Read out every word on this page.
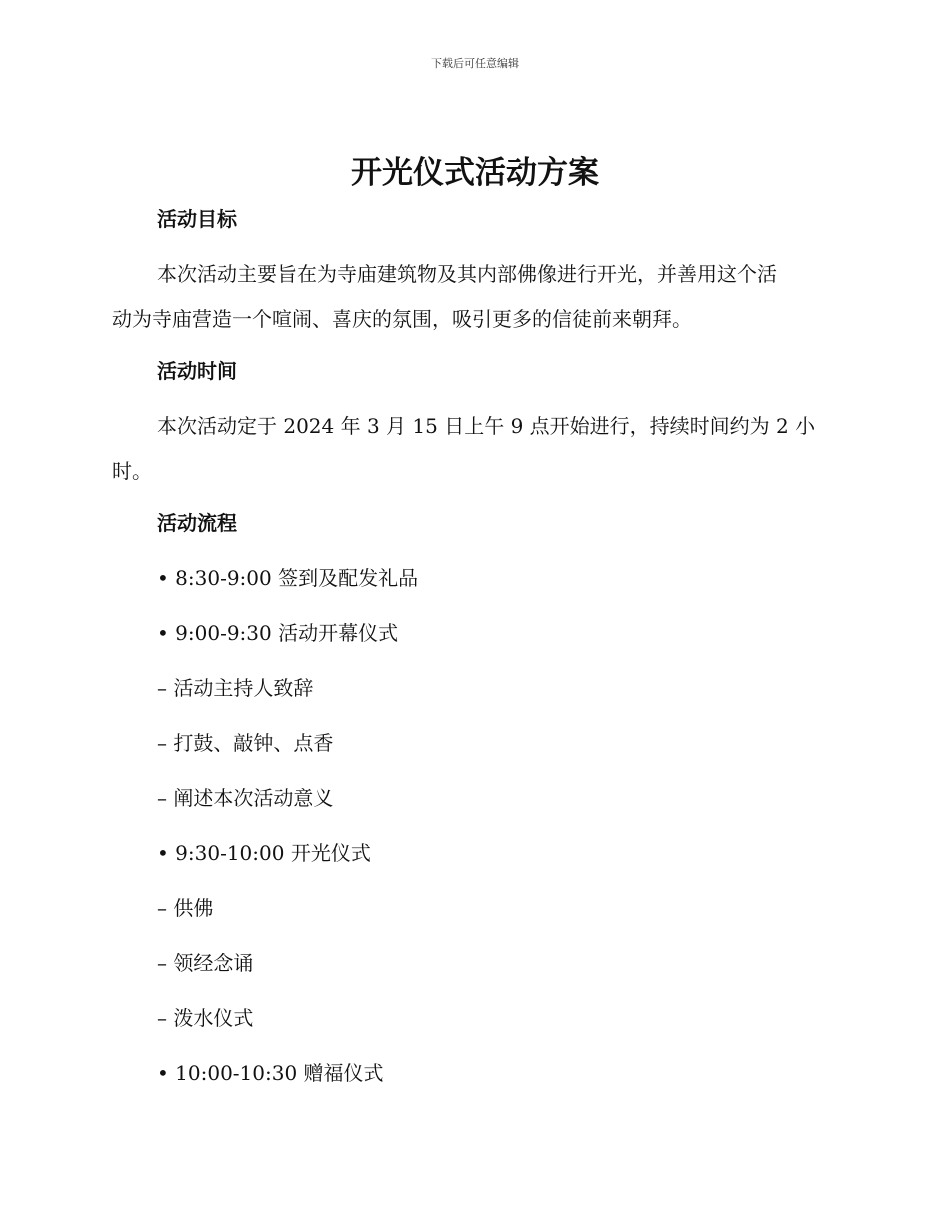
下载后可任意编辑
开光仪式活动方案
活动目标
本次活动主要旨在为寺庙建筑物及其内部佛像进行开光，并善用这个活
动为寺庙营造一个喧闹、喜庆的氛围，吸引更多的信徒前来朝拜。
活动时间
本次活动定于 2024 年 3 月 15 日上午 9 点开始进行，持续时间约为 2 小
时。
活动流程
• 8:30-9:00 签到及配发礼品
• 9:00-9:30 活动开幕仪式
– 活动主持人致辞
– 打鼓、敲钟、点香
– 阐述本次活动意义
• 9:30-10:00 开光仪式
– 供佛
– 领经念诵
– 泼水仪式
• 10:00-10:30 赠福仪式
